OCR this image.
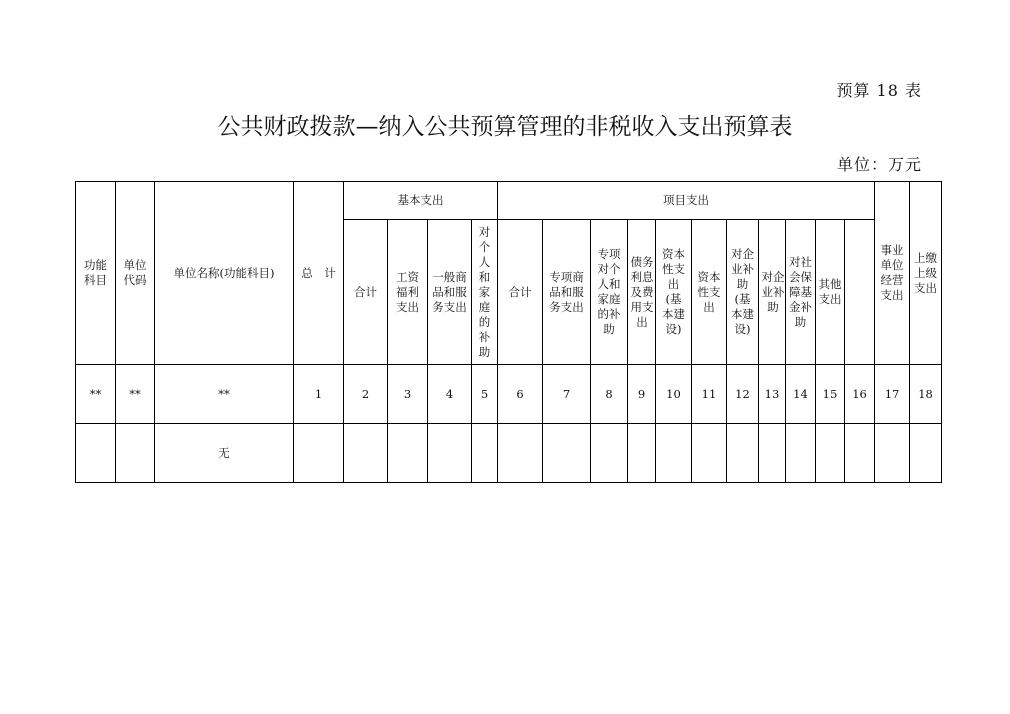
预算 18 表
公共财政拨款—纳入公共预算管理的非税收入支出预算表
单位：万元
功能科目	单位代码	单位名称(功能科目)	总　计	基本支出				项目支出											事业单位经营支出	上缴上级支出	
				合计	工资福利支出	一般商品和服务支出	对个人和家庭的补助	合计	专项商品和服务支出	专项对个人和家庭的补助	债务利息及费用支出	资本性支出(基本建设)	资本性支出	对企业补助(基本建设)	对企业补助	对社会保障基金补助	其他支出				
**	**	**	1	2	3	4	5	6	7	8	9	10	11	12	13	14	15	16	17	18	
		无																			
